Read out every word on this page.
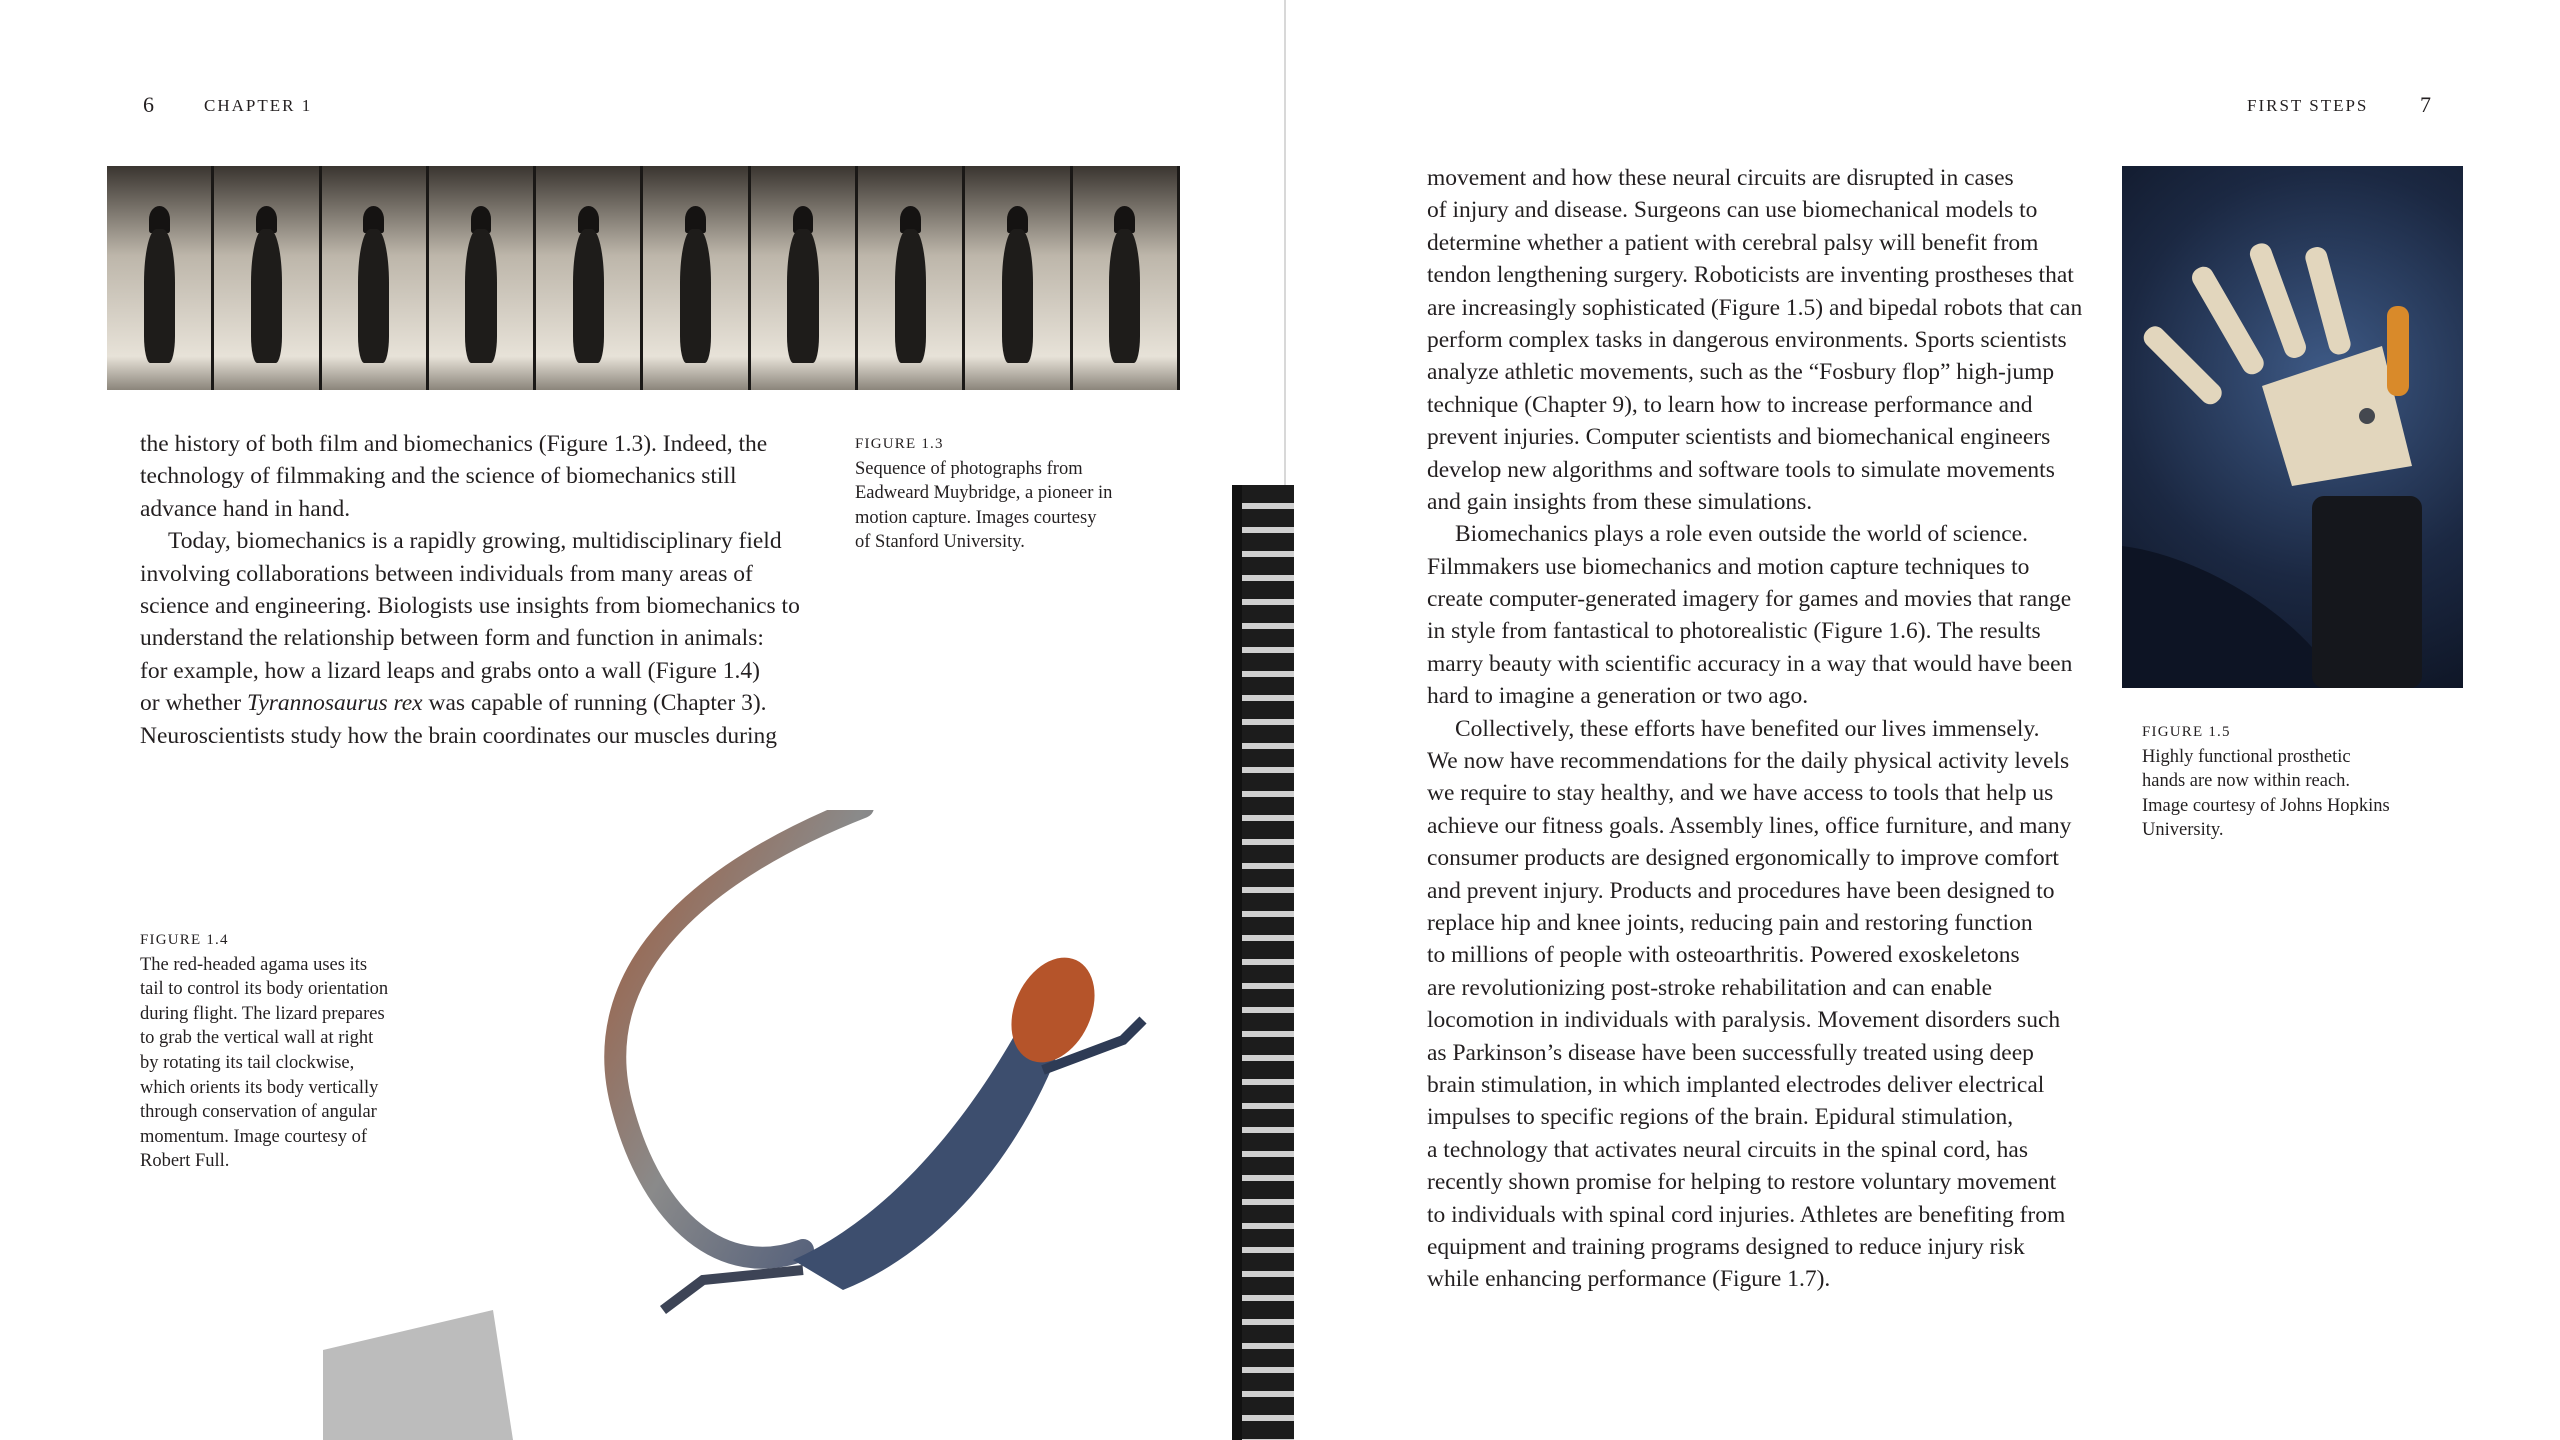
6	CHAPTER 1
the history of both film and biomechanics (Figure 1.3). Indeed, the
technology of filmmaking and the science of biomechanics still
advance hand in hand.
Today, biomechanics is a rapidly growing, multidisciplinary field
involving collaborations between individuals from many areas of
science and engineering. Biologists use insights from biomechanics to
understand the relationship between form and function in animals:
for example, how a lizard leaps and grabs onto a wall (Figure 1.4)
or whether Tyrannosaurus rex was capable of running (Chapter 3).
Neuroscientists study how the brain coordinates our muscles during
FIGURE 1.3
Sequence of photographs from
Eadweard Muybridge, a pioneer in
motion capture. Images courtesy
of Stanford University.
FIGURE 1.4
The red-headed agama uses its
tail to control its body orientation
during flight. The lizard prepares
to grab the vertical wall at right
by rotating its tail clockwise,
which orients its body vertically
through conservation of angular
momentum. Image courtesy of
Robert Full.
FIRST STEPS 7
movement and how these neural circuits are disrupted in cases
of injury and disease. Surgeons can use biomechanical models to
determine whether a patient with cerebral palsy will benefit from
tendon lengthening surgery. Roboticists are inventing prostheses that
are increasingly sophisticated (Figure 1.5) and bipedal robots that can
perform complex tasks in dangerous environments. Sports scientists
analyze athletic movements, such as the “Fosbury flop” high-jump
technique (Chapter 9), to learn how to increase performance and
prevent injuries. Computer scientists and biomechanical engineers
develop new algorithms and software tools to simulate movements
and gain insights from these simulations.
Biomechanics plays a role even outside the world of science.
Filmmakers use biomechanics and motion capture techniques to
create computer-generated imagery for games and movies that range
in style from fantastical to photorealistic (Figure 1.6). The results
marry beauty with scientific accuracy in a way that would have been
hard to imagine a generation or two ago.
Collectively, these efforts have benefited our lives immensely.
We now have recommendations for the daily physical activity levels
we require to stay healthy, and we have access to tools that help us
achieve our fitness goals. Assembly lines, office furniture, and many
consumer products are designed ergonomically to improve comfort
and prevent injury. Products and procedures have been designed to
replace hip and knee joints, reducing pain and restoring function
to millions of people with osteoarthritis. Powered exoskeletons
are revolutionizing post-stroke rehabilitation and can enable
locomotion in individuals with paralysis. Movement disorders such
as Parkinson’s disease have been successfully treated using deep
brain stimulation, in which implanted electrodes deliver electrical
impulses to specific regions of the brain. Epidural stimulation,
a technology that activates neural circuits in the spinal cord, has
recently shown promise for helping to restore voluntary movement
to individuals with spinal cord injuries. Athletes are benefiting from
equipment and training programs designed to reduce injury risk
while enhancing performance (Figure 1.7).
FIGURE 1.5
Highly functional prosthetic
hands are now within reach.
Image courtesy of Johns Hopkins
University.
